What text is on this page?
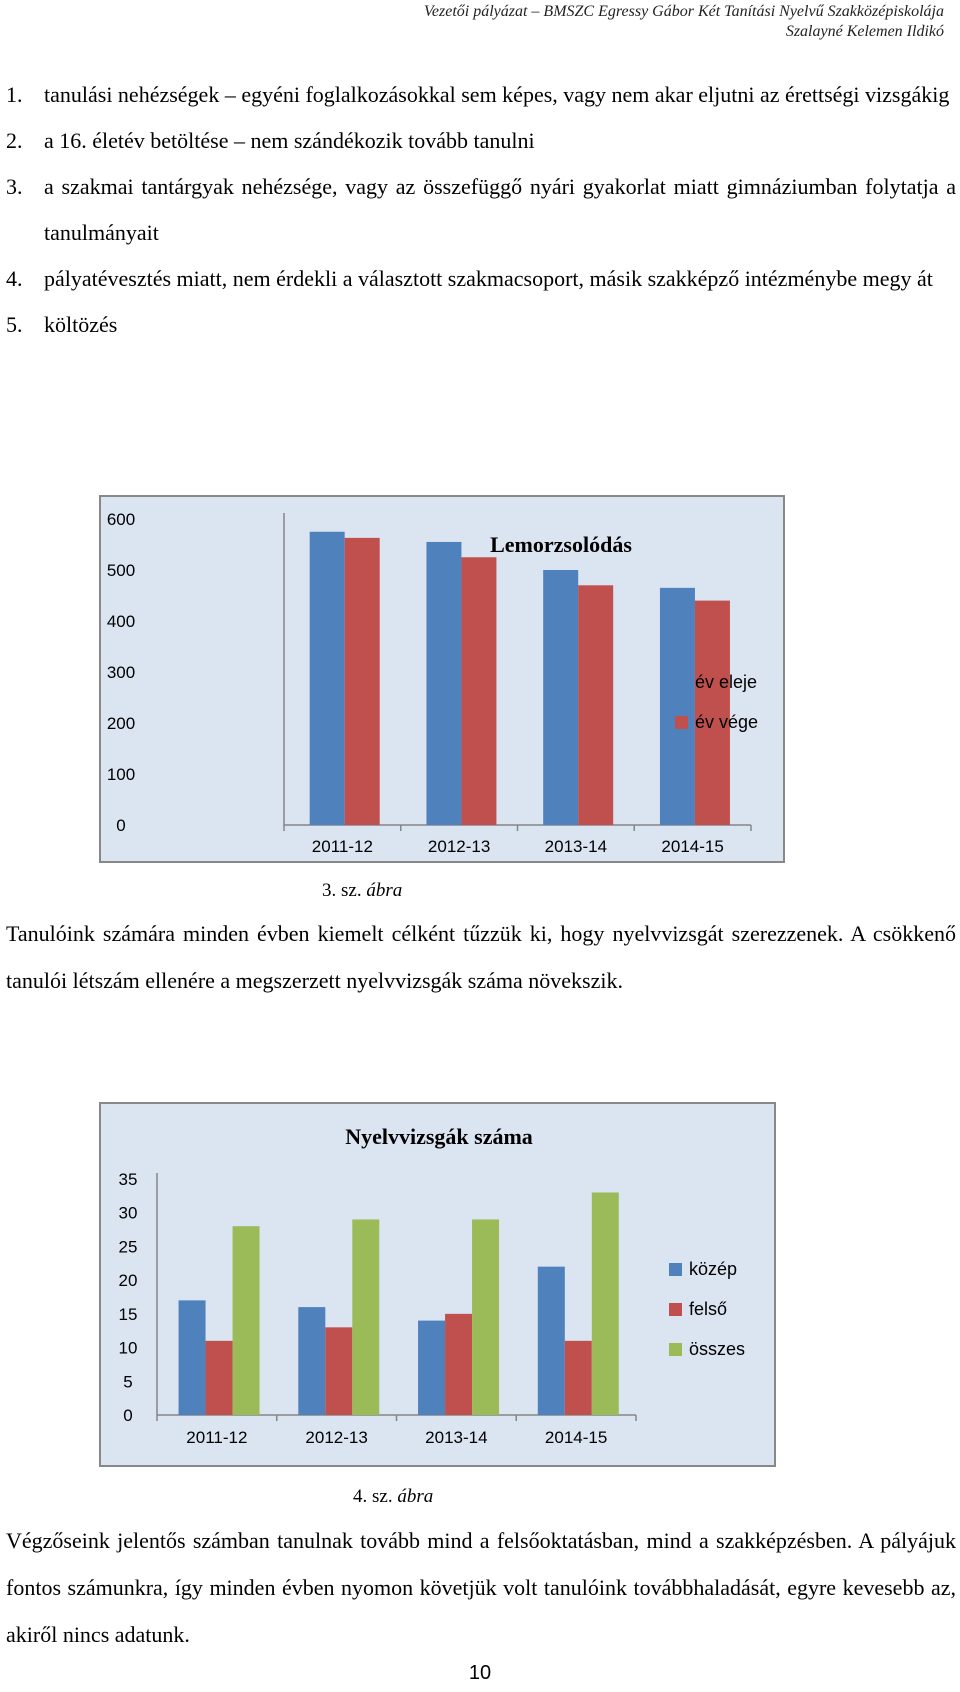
Vezetői pályázat – BMSZC Egressy Gábor Két Tanítási Nyelvű Szakközépiskolája
Szalayné Kelemen Ildikó
1. tanulási nehézségek – egyéni foglalkozásokkal sem képes, vagy nem akar eljutni az érettségi vizsgákig
2. a 16. életév betöltése – nem szándékozik tovább tanulni
3. a szakmai tantárgyak nehézsége, vagy az összefüggő nyári gyakorlat miatt gimnáziumban folytatja a tanulmányait
4. pályatévesztés miatt, nem érdekli a választott szakmacsoport, másik szakképző intézménybe megy át
5. költözés
Lemorzsolódás
0
100
200
300
400
500
600
2011-12	2012-13	2013-14	2014-15
év eleje
év vége
3. sz. ábra

Tanulóink számára minden évben kiemelt célként tűzzük ki, hogy nyelvvizsgát szerezzenek. A csökkenő tanulói létszám ellenére a megszerzett nyelvvizsgák száma növekszik.

Nyelvvizsgák száma
0
5
10
15
20
25
30
35
2011-12	2012-13	2013-14	2014-15
közép
felső
összes
4. sz. ábra

Végzőseink jelentős számban tanulnak tovább mind a felsőoktatásban, mind a szakképzésben. A pályájuk fontos számunkra, így minden évben nyomon követjük volt tanulóink továbbhaladását, egyre kevesebb az, akiről nincs adatunk.

10
